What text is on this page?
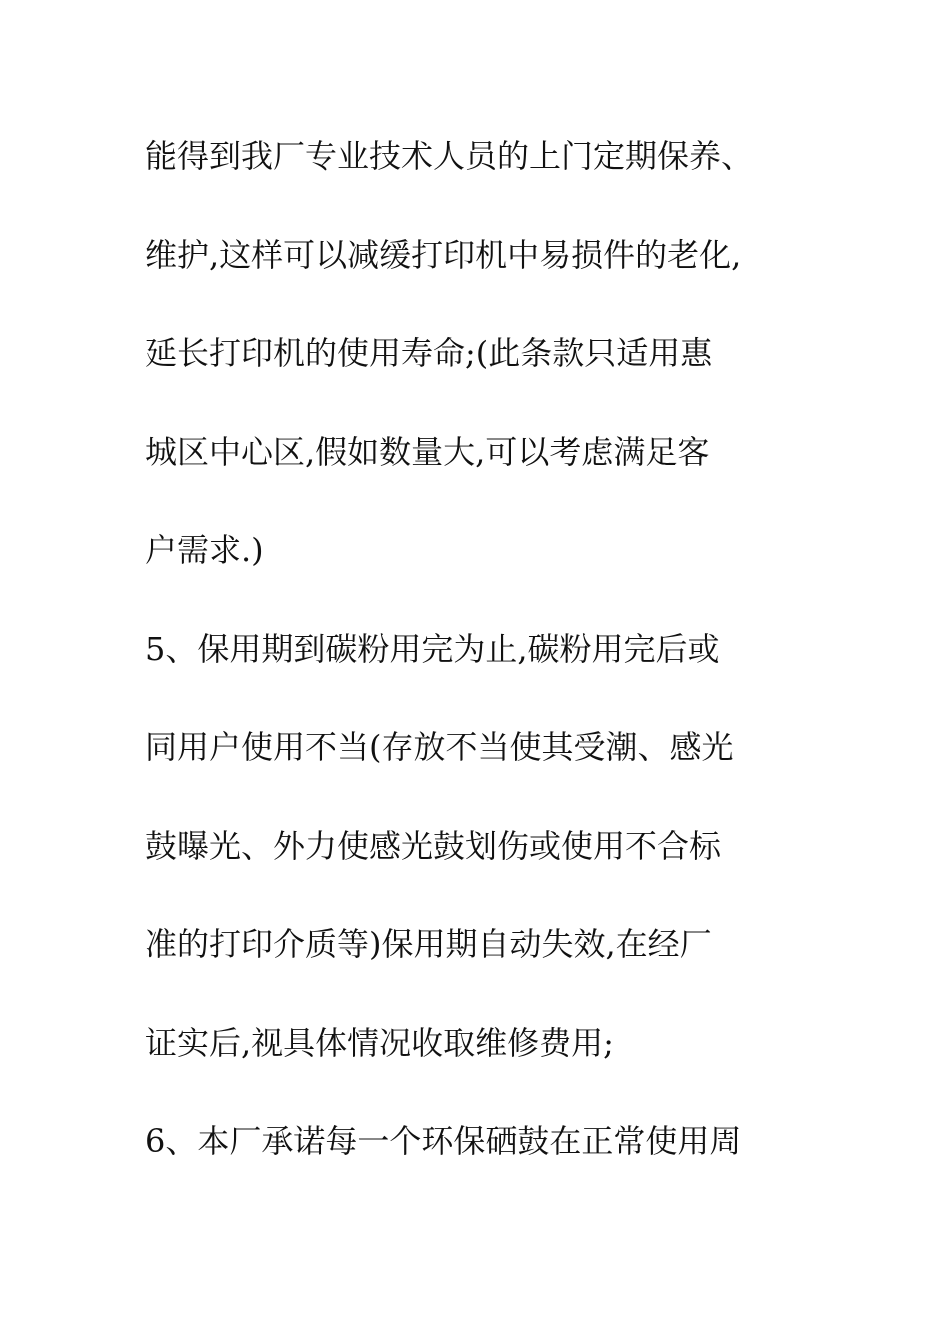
能得到我厂专业技术人员的上门定期保养、
维护,这样可以减缓打印机中易损件的老化,
延长打印机的使用寿命;(此条款只适用惠
城区中心区,假如数量大,可以考虑满足客
户需求.)
5、保用期到碳粉用完为止,碳粉用完后或
同用户使用不当(存放不当使其受潮、感光
鼓曝光、外力使感光鼓划伤或使用不合标
准的打印介质等)保用期自动失效,在经厂
证实后,视具体情况收取维修费用;
6、本厂承诺每一个环保硒鼓在正常使用周
